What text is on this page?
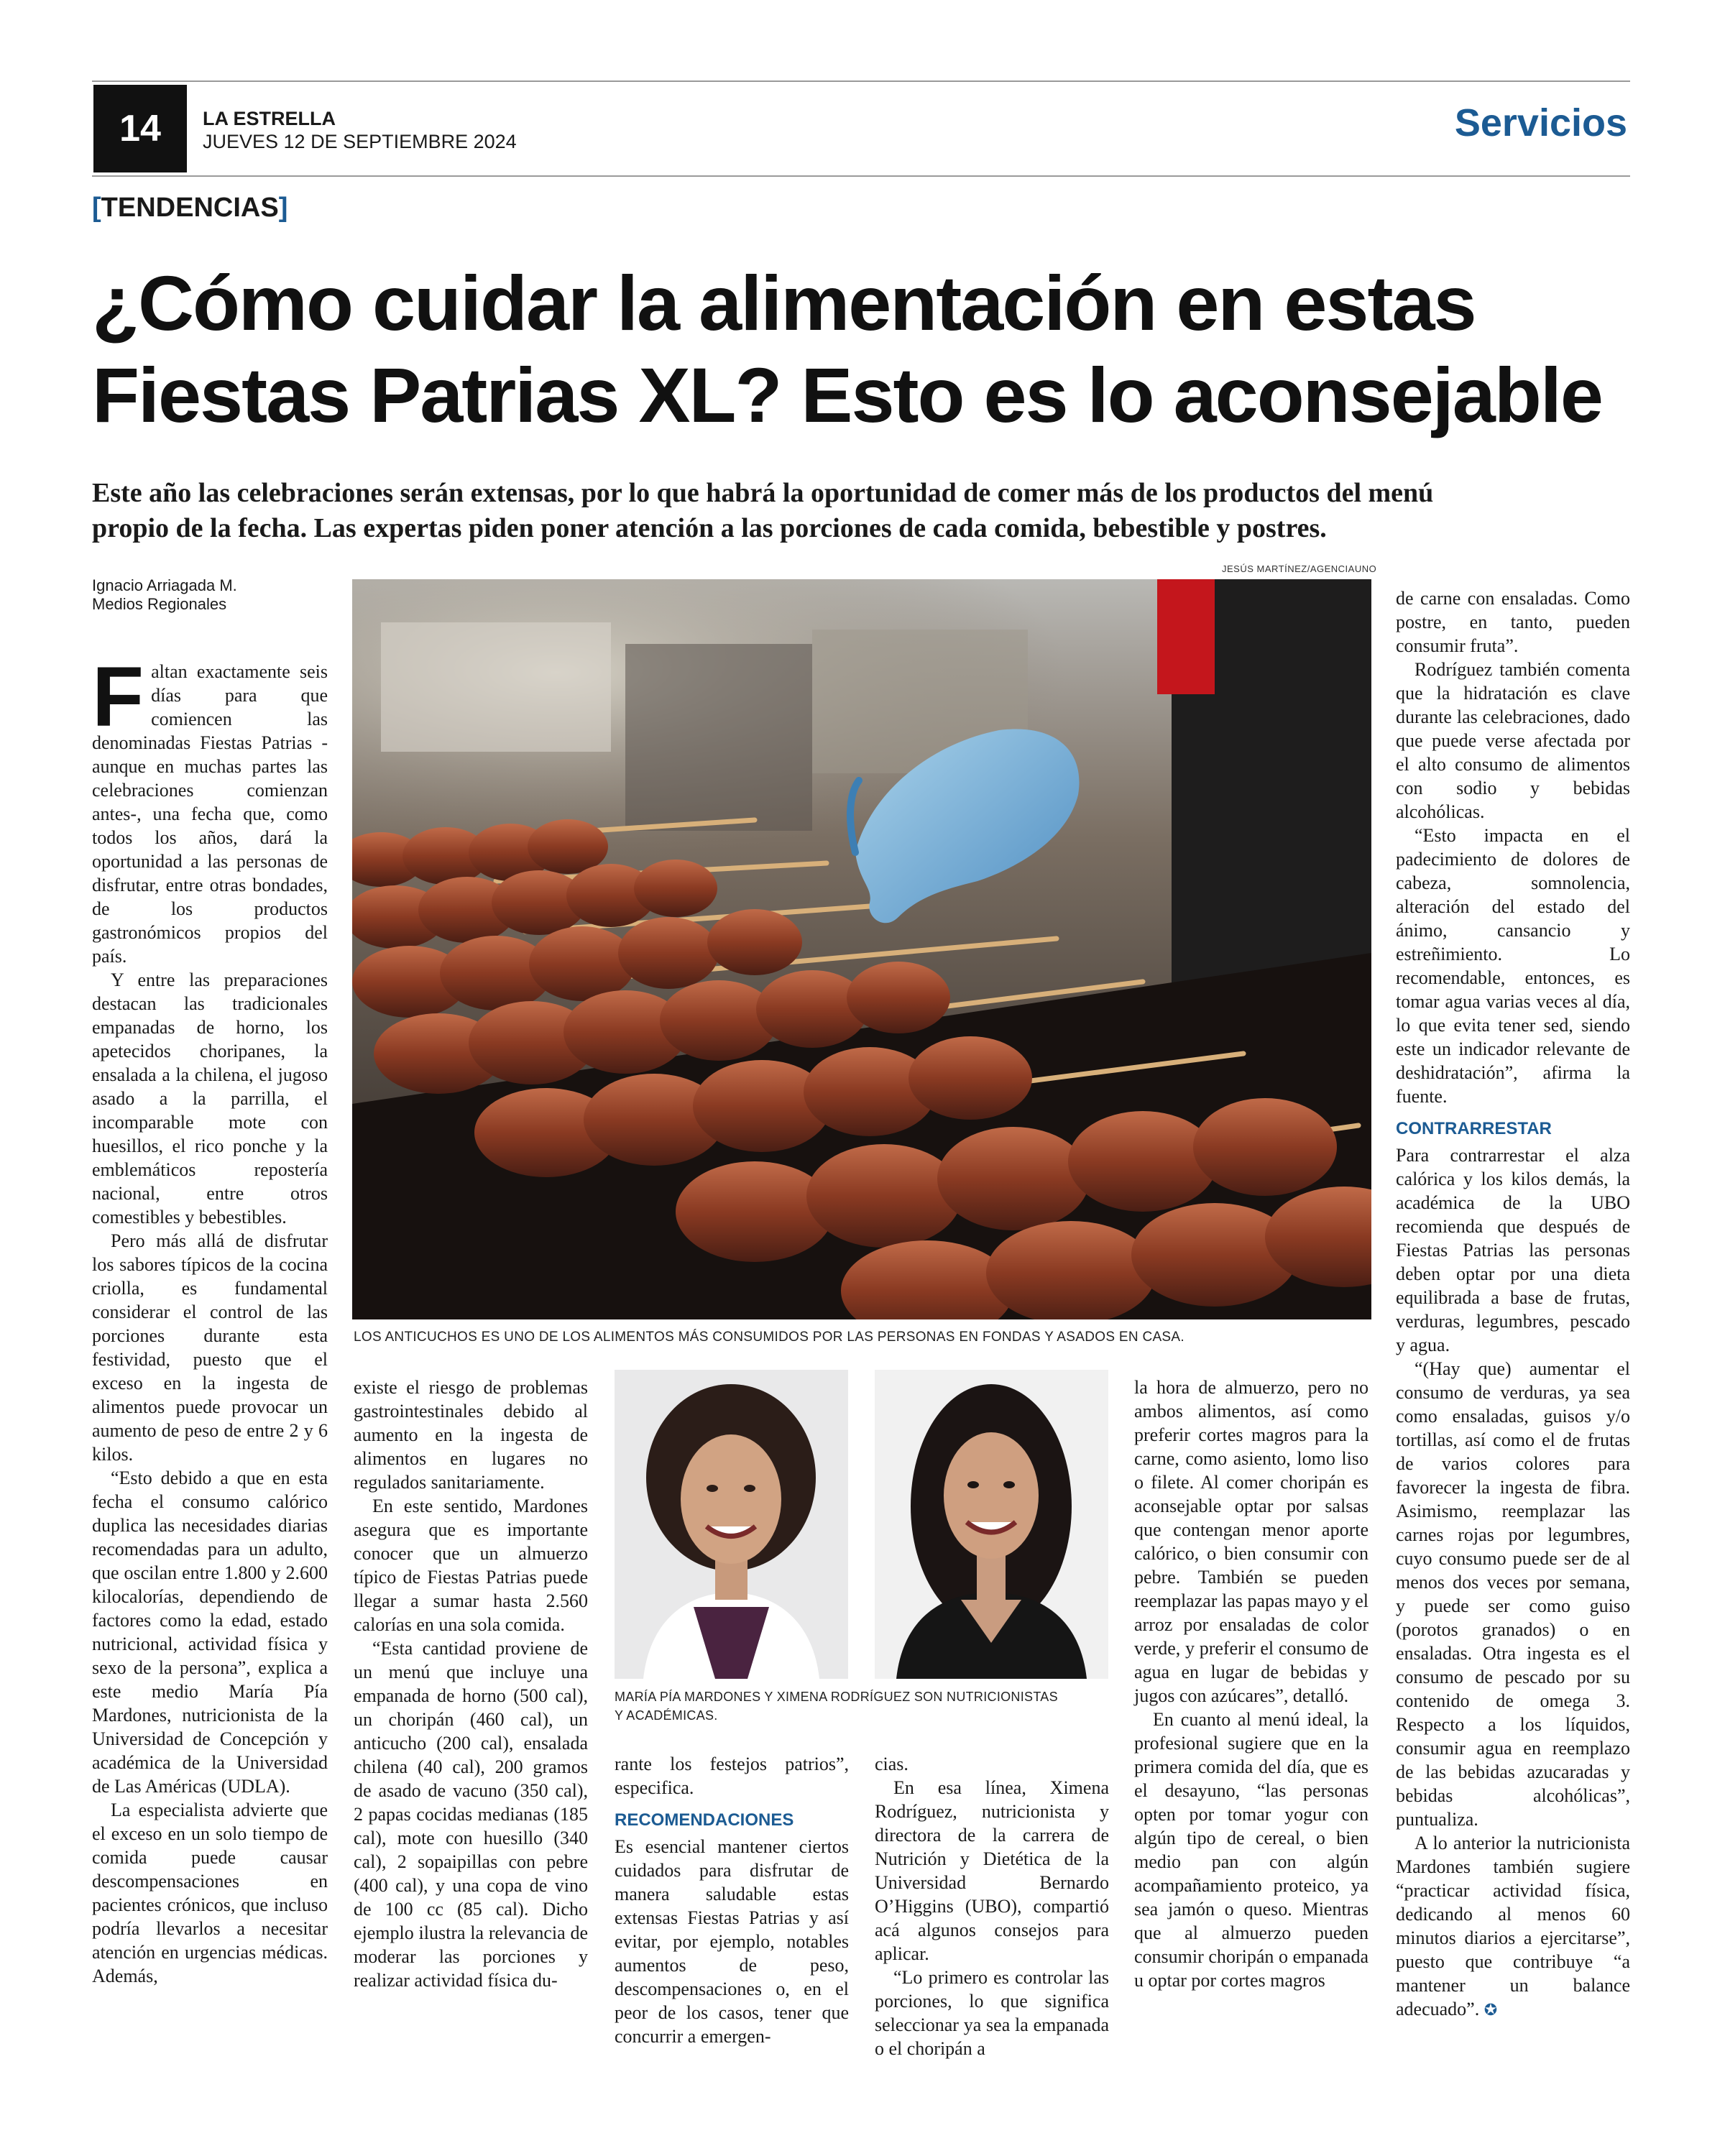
14	LA ESTRELLA
JUEVES 12 DE SEPTIEMBRE 2024	Servicios
[TENDENCIAS]
¿Cómo cuidar la alimentación en estas
Fiestas Patrias XL? Esto es lo aconsejable
Este año las celebraciones serán extensas, por lo que habrá la oportunidad de comer más de los productos del menú
propio de la fecha. Las expertas piden poner atención a las porciones de cada comida, bebestible y postres.
Ignacio Arriagada M.
Medios Regionales
JESÚS MARTÍNEZ/AGENCIAUNO
LOS ANTICUCHOS ES UNO DE LOS ALIMENTOS MÁS CONSUMIDOS POR LAS PERSONAS EN FONDAS Y ASADOS EN CASA.

Faltan exactamente seis días para que comiencen las denominadas Fiestas Patrias -aunque en muchas partes las celebraciones comienzan antes-, una fecha que, como todos los años, dará la oportunidad a las personas de disfrutar, entre otras bondades, de los productos gastronómicos propios del país.

Y entre las preparaciones destacan las tradicionales empanadas de horno, los apetecidos choripanes, la ensalada a la chilena, el jugoso asado a la parrilla, el incomparable mote con huesillos, el rico ponche y la emblemáticos repostería nacional, entre otros comestibles y bebestibles.

Pero más allá de disfrutar los sabores típicos de la cocina criolla, es fundamental considerar el control de las porciones durante esta festividad, puesto que el exceso en la ingesta de alimentos puede provocar un aumento de peso de entre 2 y 6 kilos.

“Esto debido a que en esta fecha el consumo calórico duplica las necesidades diarias recomendadas para un adulto, que oscilan entre 1.800 y 2.600 kilocalorías, dependiendo de factores como la edad, estado nutricional, actividad física y sexo de la persona”, explica a este medio María Pía Mardones, nutricionista de la Universidad de Concepción y académica de la Universidad de Las Américas (UDLA).

La especialista advierte que el exceso en un solo tiempo de comida puede causar descompensaciones en pacientes crónicos, que incluso podría llevarlos a necesitar atención en urgencias médicas. Además,

existe el riesgo de problemas gastrointestinales debido al aumento en la ingesta de alimentos en lugares no regulados sanitariamente.

En este sentido, Mardones asegura que es importante conocer que un almuerzo típico de Fiestas Patrias puede llegar a sumar hasta 2.560 calorías en una sola comida.

“Esta cantidad proviene de un menú que incluye una empanada de horno (500 cal), un choripán (460 cal), un anticucho (200 cal), ensalada chilena (40 cal), 200 gramos de asado de vacuno (350 cal), 2 papas cocidas medianas (185 cal), mote con huesillo (340 cal), 2 sopaipillas con pebre (400 cal), y una copa de vino de 100 cc (85 cal). Dicho ejemplo ilustra la relevancia de moderar las porciones y realizar actividad física du-

MARÍA PÍA MARDONES Y XIMENA RODRÍGUEZ SON NUTRICIONISTAS
Y ACADÉMICAS.

rante los festejos patrios”, especifica.

RECOMENDACIONES

Es esencial mantener ciertos cuidados para disfrutar de manera saludable estas extensas Fiestas Patrias y así evitar, por ejemplo, notables aumentos de peso, descompensaciones o, en el peor de los casos, tener que concurrir a emergen-

cias.

En esa línea, Ximena Rodríguez, nutricionista y directora de la carrera de Nutrición y Dietética de la Universidad Bernardo O’Higgins (UBO), compartió acá algunos consejos para aplicar.

“Lo primero es controlar las porciones, lo que significa seleccionar ya sea la empanada o el choripán a

la hora de almuerzo, pero no ambos alimentos, así como preferir cortes magros para la carne, como asiento, lomo liso o filete. Al comer choripán es aconsejable optar por salsas que contengan menor aporte calórico, o bien consumir con pebre. También se pueden reemplazar las papas mayo y el arroz por ensaladas de color verde, y preferir el consumo de agua en lugar de bebidas y jugos con azúcares”, detalló.

En cuanto al menú ideal, la profesional sugiere que en la primera comida del día, que es el desayuno, “las personas opten por tomar yogur con algún tipo de cereal, o bien medio pan con algún acompañamiento proteico, ya sea jamón o queso. Mientras que al almuerzo pueden consumir choripán o empanada u optar por cortes magros

de carne con ensaladas. Como postre, en tanto, pueden consumir fruta”.

Rodríguez también comenta que la hidratación es clave durante las celebraciones, dado que puede verse afectada por el alto consumo de alimentos con sodio y bebidas alcohólicas.

“Esto impacta en el padecimiento de dolores de cabeza, somnolencia, alteración del estado del ánimo, cansancio y estreñimiento. Lo recomendable, entonces, es tomar agua varias veces al día, lo que evita tener sed, siendo este un indicador relevante de deshidratación”, afirma la fuente.

CONTRARRESTAR

Para contrarrestar el alza calórica y los kilos demás, la académica de la UBO recomienda que después de Fiestas Patrias las personas deben optar por una dieta equilibrada a base de frutas, verduras, legumbres, pescado y agua.

“(Hay que) aumentar el consumo de verduras, ya sea como ensaladas, guisos y/o tortillas, así como el de frutas de varios colores para favorecer la ingesta de fibra. Asimismo, reemplazar las carnes rojas por legumbres, cuyo consumo puede ser de al menos dos veces por semana, y puede ser como guiso (porotos granados) o en ensaladas. Otra ingesta es el consumo de pescado por su contenido de omega 3. Respecto a los líquidos, consumir agua en reemplazo de las bebidas azucaradas y bebidas alcohólicas”, puntualiza.

A lo anterior la nutricionista Mardones también sugiere “practicar actividad física, dedicando al menos 60 minutos diarios a ejercitarse”, puesto que contribuye “a mantener un balance adecuado”. ✪
